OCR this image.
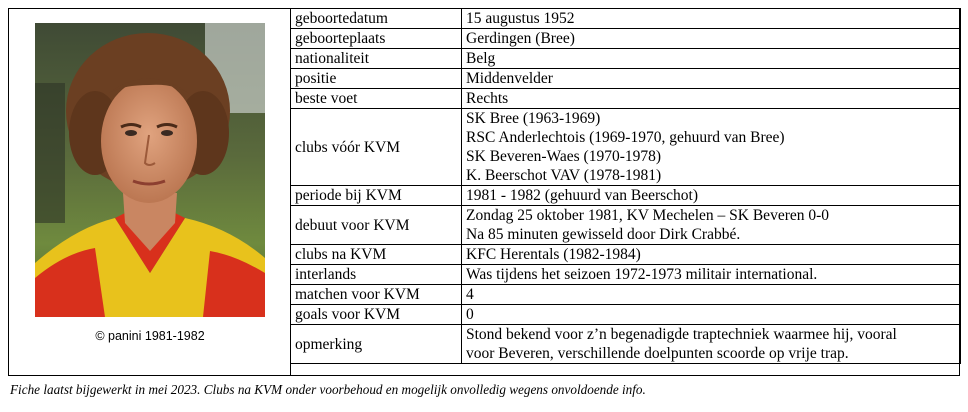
© panini 1981-1982
geboortedatum	15 augustus 1952
geboorteplaats	Gerdingen (Bree)
nationaliteit	Belg
positie	Middenvelder
beste voet	Rechts
clubs vóór KVM	SK Bree (1963-1969)
RSC Anderlechtois (1969-1970, gehuurd van Bree)
SK Beveren-Waes (1970-1978)
K. Beerschot VAV (1978-1981)

periode bij KVM	1981 - 1982 (gehuurd van Beerschot)
debuut voor KVM	Zondag 25 oktober 1981, KV Mechelen – SK Beveren 0-0
Na 85 minuten gewisseld door Dirk Crabbé.

clubs na KVM	KFC Herentals (1982-1984)
interlands	Was tijdens het seizoen 1972-1973 militair international.
matchen voor KVM	4
goals voor KVM	0
opmerking	Stond bekend voor z’n begenadigde traptechniek waarmee hij, vooral
voor Beveren, verschillende doelpunten scoorde op vrije trap.
Fiche laatst bijgewerkt in mei 2023. Clubs na KVM onder voorbehoud en mogelijk onvolledig wegens onvoldoende info.
